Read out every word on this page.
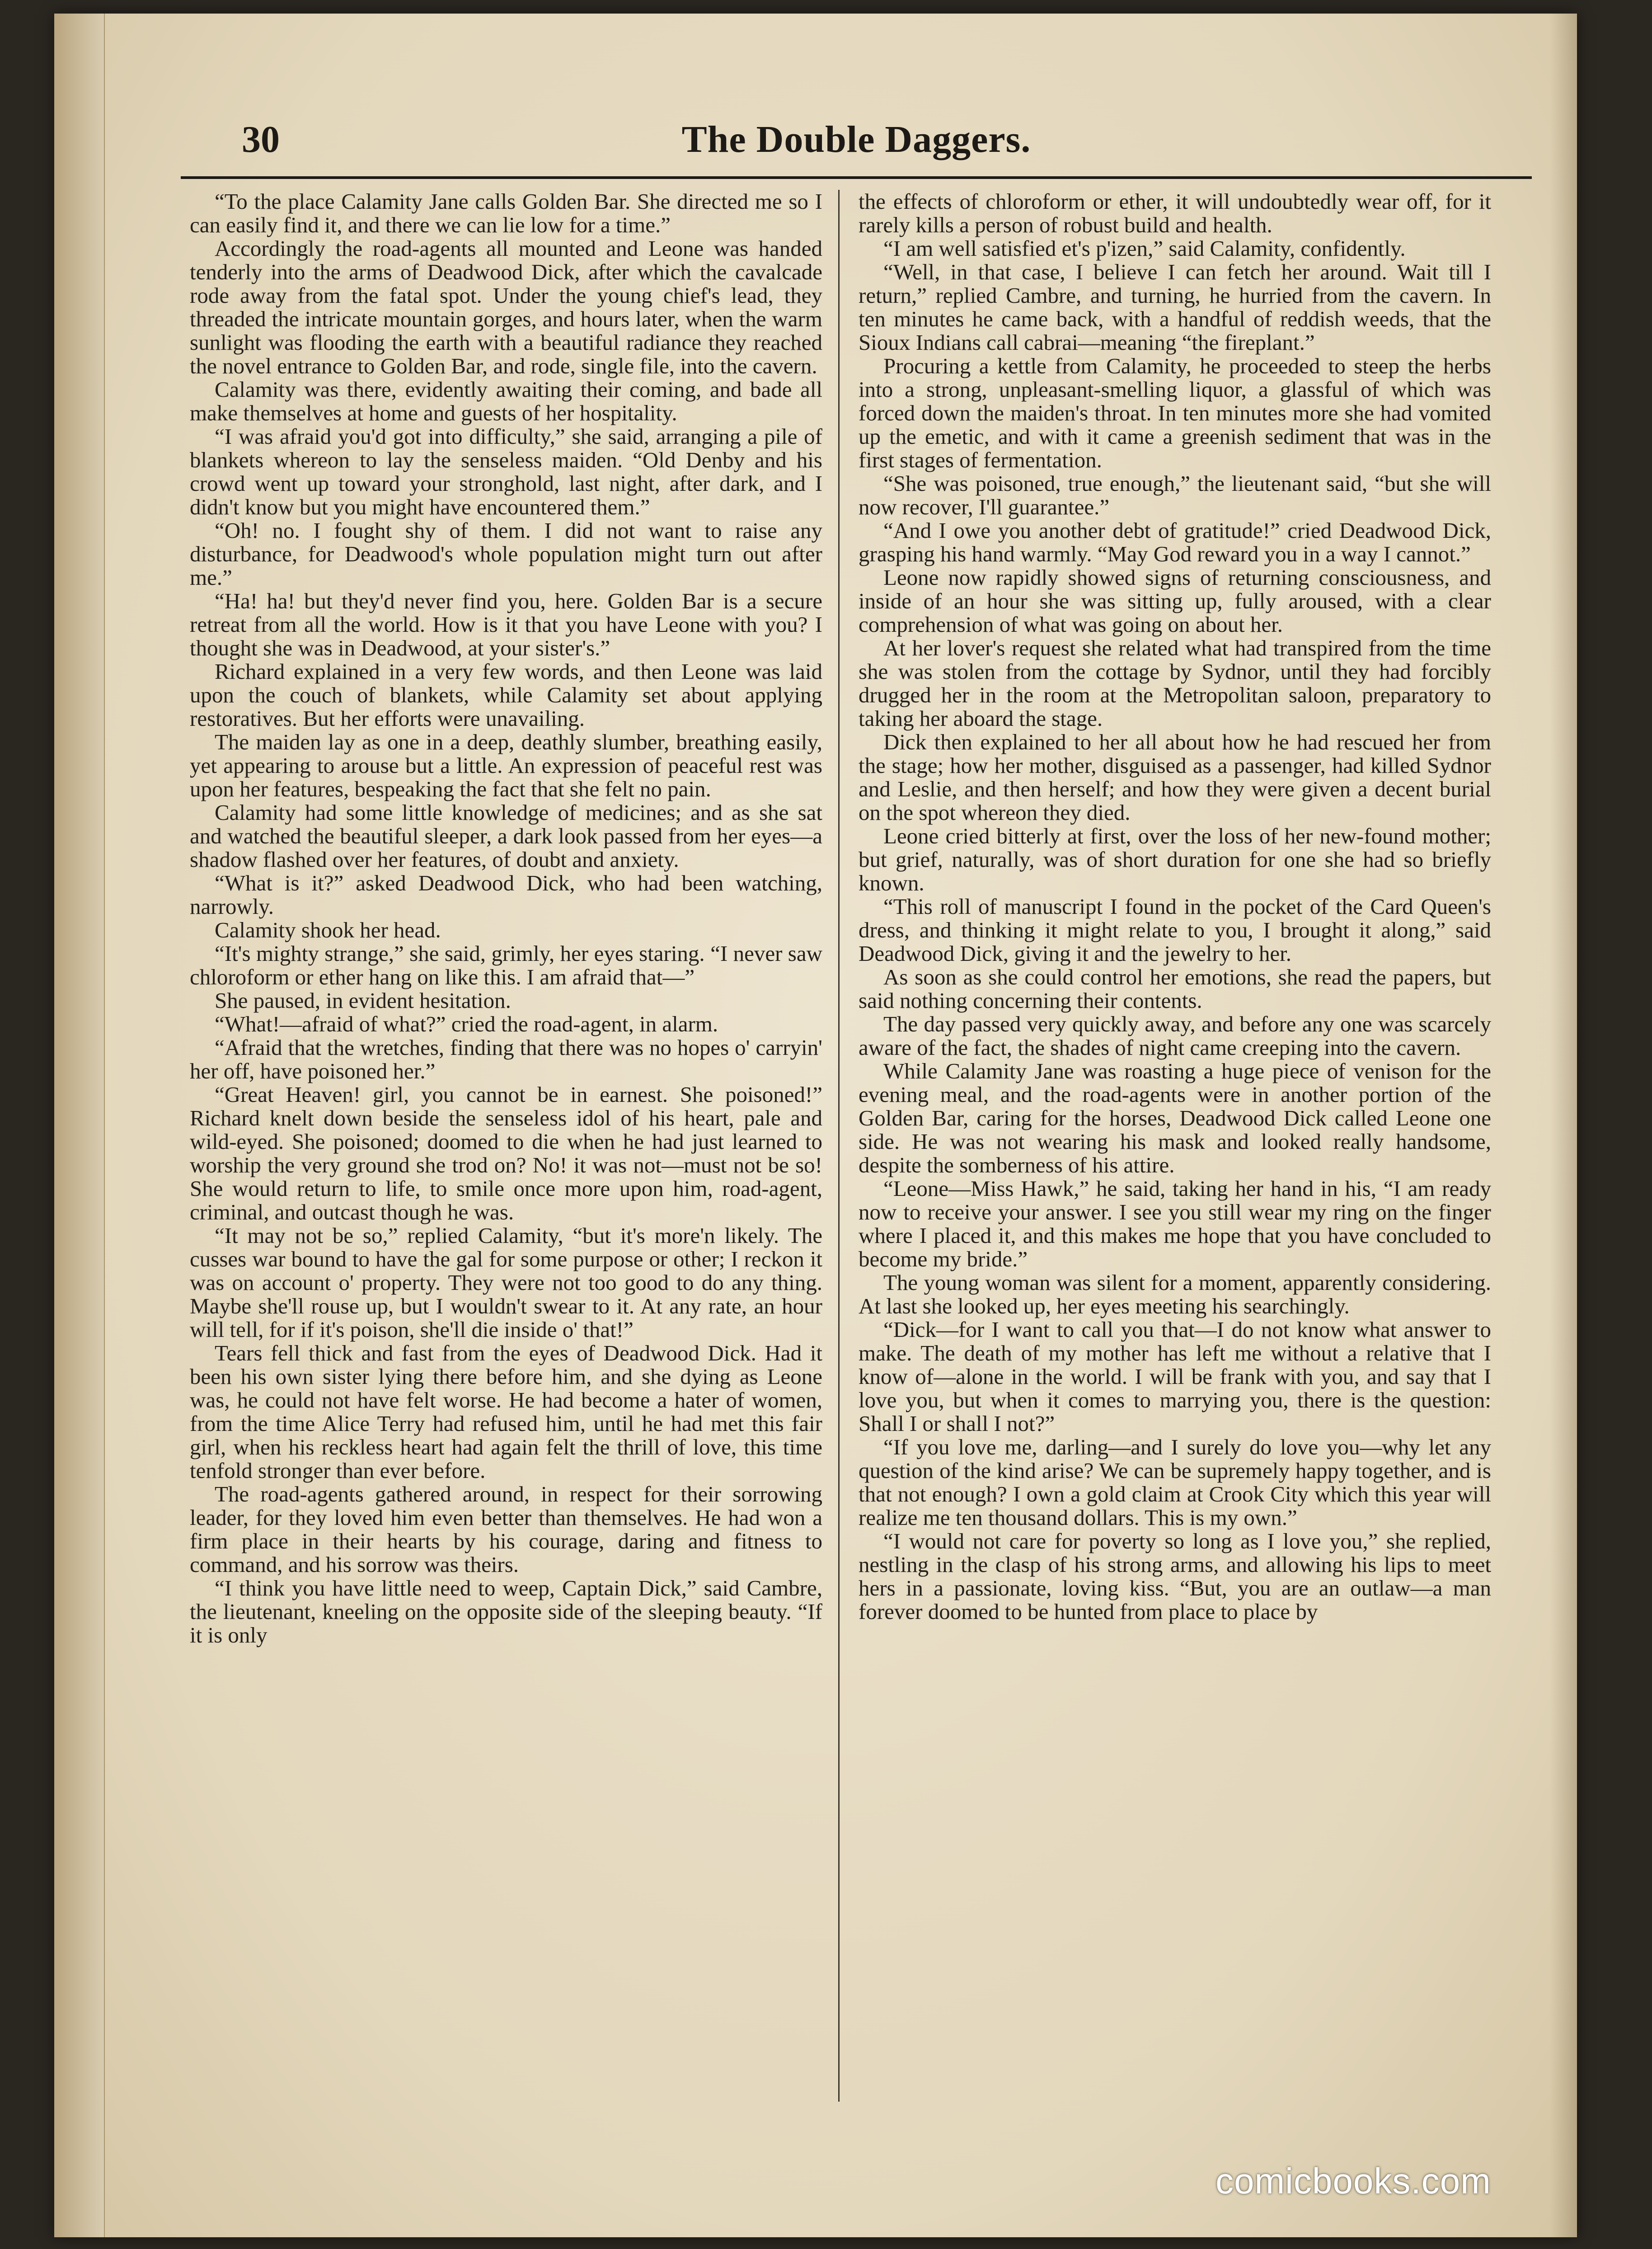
30	The Double Daggers.

“To the place Calamity Jane calls Golden Bar. She directed me so I can easily find it, and there we can lie low for a time.”

Accordingly the road-agents all mounted and Leone was handed tenderly into the arms of Deadwood Dick, after which the cavalcade rode away from the fatal spot. Under the young chief's lead, they threaded the intricate mountain gorges, and hours later, when the warm sunlight was flooding the earth with a beautiful radiance they reached the novel entrance to Golden Bar, and rode, single file, into the cavern.

Calamity was there, evidently awaiting their coming, and bade all make themselves at home and guests of her hospitality.

“I was afraid you'd got into difficulty,” she said, arranging a pile of blankets whereon to lay the senseless maiden. “Old Denby and his crowd went up toward your stronghold, last night, after dark, and I didn't know but you might have encountered them.”

“Oh! no. I fought shy of them. I did not want to raise any disturbance, for Deadwood's whole population might turn out after me.”

“Ha! ha! but they'd never find you, here. Golden Bar is a secure retreat from all the world. How is it that you have Leone with you? I thought she was in Deadwood, at your sister's.”

Richard explained in a very few words, and then Leone was laid upon the couch of blankets, while Calamity set about applying restoratives. But her efforts were unavailing.

The maiden lay as one in a deep, deathly slumber, breathing easily, yet appearing to arouse but a little. An expression of peaceful rest was upon her features, bespeaking the fact that she felt no pain.

Calamity had some little knowledge of medicines; and as she sat and watched the beautiful sleeper, a dark look passed from her eyes—a shadow flashed over her features, of doubt and anxiety.

“What is it?” asked Deadwood Dick, who had been watching, narrowly.

Calamity shook her head.

“It's mighty strange,” she said, grimly, her eyes staring. “I never saw chloroform or ether hang on like this. I am afraid that—”

She paused, in evident hesitation.

“What!—afraid of what?” cried the road-agent, in alarm.

“Afraid that the wretches, finding that there was no hopes o' carryin' her off, have poisoned her.”

“Great Heaven! girl, you cannot be in earnest. She poisoned!” Richard knelt down beside the senseless idol of his heart, pale and wild-eyed. She poisoned; doomed to die when he had just learned to worship the very ground she trod on? No! it was not—must not be so! She would return to life, to smile once more upon him, road-agent, criminal, and outcast though he was.

“It may not be so,” replied Calamity, “but it's more'n likely. The cusses war bound to have the gal for some purpose or other; I reckon it was on account o' property. They were not too good to do any thing. Maybe she'll rouse up, but I wouldn't swear to it. At any rate, an hour will tell, for if it's poison, she'll die inside o' that!”

Tears fell thick and fast from the eyes of Deadwood Dick. Had it been his own sister lying there before him, and she dying as Leone was, he could not have felt worse. He had become a hater of women, from the time Alice Terry had refused him, until he had met this fair girl, when his reckless heart had again felt the thrill of love, this time tenfold stronger than ever before.

The road-agents gathered around, in respect for their sorrowing leader, for they loved him even better than themselves. He had won a firm place in their hearts by his courage, daring and fitness to command, and his sorrow was theirs.

“I think you have little need to weep, Captain Dick,” said Cambre, the lieutenant, kneeling on the opposite side of the sleeping beauty. “If it is only

the effects of chloroform or ether, it will undoubtedly wear off, for it rarely kills a person of robust build and health.

“I am well satisfied et's p'izen,” said Calamity, confidently.

“Well, in that case, I believe I can fetch her around. Wait till I return,” replied Cambre, and turning, he hurried from the cavern. In ten minutes he came back, with a handful of reddish weeds, that the Sioux Indians call cabrai—meaning “the fireplant.”

Procuring a kettle from Calamity, he proceeded to steep the herbs into a strong, unpleasant-smelling liquor, a glassful of which was forced down the maiden's throat. In ten minutes more she had vomited up the emetic, and with it came a greenish sediment that was in the first stages of fermentation.

“She was poisoned, true enough,” the lieutenant said, “but she will now recover, I'll guarantee.”

“And I owe you another debt of gratitude!” cried Deadwood Dick, grasping his hand warmly. “May God reward you in a way I cannot.”

Leone now rapidly showed signs of returning consciousness, and inside of an hour she was sitting up, fully aroused, with a clear comprehension of what was going on about her.

At her lover's request she related what had transpired from the time she was stolen from the cottage by Sydnor, until they had forcibly drugged her in the room at the Metropolitan saloon, preparatory to taking her aboard the stage.

Dick then explained to her all about how he had rescued her from the stage; how her mother, disguised as a passenger, had killed Sydnor and Leslie, and then herself; and how they were given a decent burial on the spot whereon they died.

Leone cried bitterly at first, over the loss of her new-found mother; but grief, naturally, was of short duration for one she had so briefly known.

“This roll of manuscript I found in the pocket of the Card Queen's dress, and thinking it might relate to you, I brought it along,” said Deadwood Dick, giving it and the jewelry to her.

As soon as she could control her emotions, she read the papers, but said nothing concerning their contents.

The day passed very quickly away, and before any one was scarcely aware of the fact, the shades of night came creeping into the cavern.

While Calamity Jane was roasting a huge piece of venison for the evening meal, and the road-agents were in another portion of the Golden Bar, caring for the horses, Deadwood Dick called Leone one side. He was not wearing his mask and looked really handsome, despite the somberness of his attire.

“Leone—Miss Hawk,” he said, taking her hand in his, “I am ready now to receive your answer. I see you still wear my ring on the finger where I placed it, and this makes me hope that you have concluded to become my bride.”

The young woman was silent for a moment, apparently considering. At last she looked up, her eyes meeting his searchingly.

“Dick—for I want to call you that—I do not know what answer to make. The death of my mother has left me without a relative that I know of—alone in the world. I will be frank with you, and say that I love you, but when it comes to marrying you, there is the question: Shall I or shall I not?”

“If you love me, darling—and I surely do love you—why let any question of the kind arise? We can be supremely happy together, and is that not enough? I own a gold claim at Crook City which this year will realize me ten thousand dollars. This is my own.”

“I would not care for poverty so long as I love you,” she replied, nestling in the clasp of his strong arms, and allowing his lips to meet hers in a passionate, loving kiss. “But, you are an outlaw—a man forever doomed to be hunted from place to place by

comicbooks.com
